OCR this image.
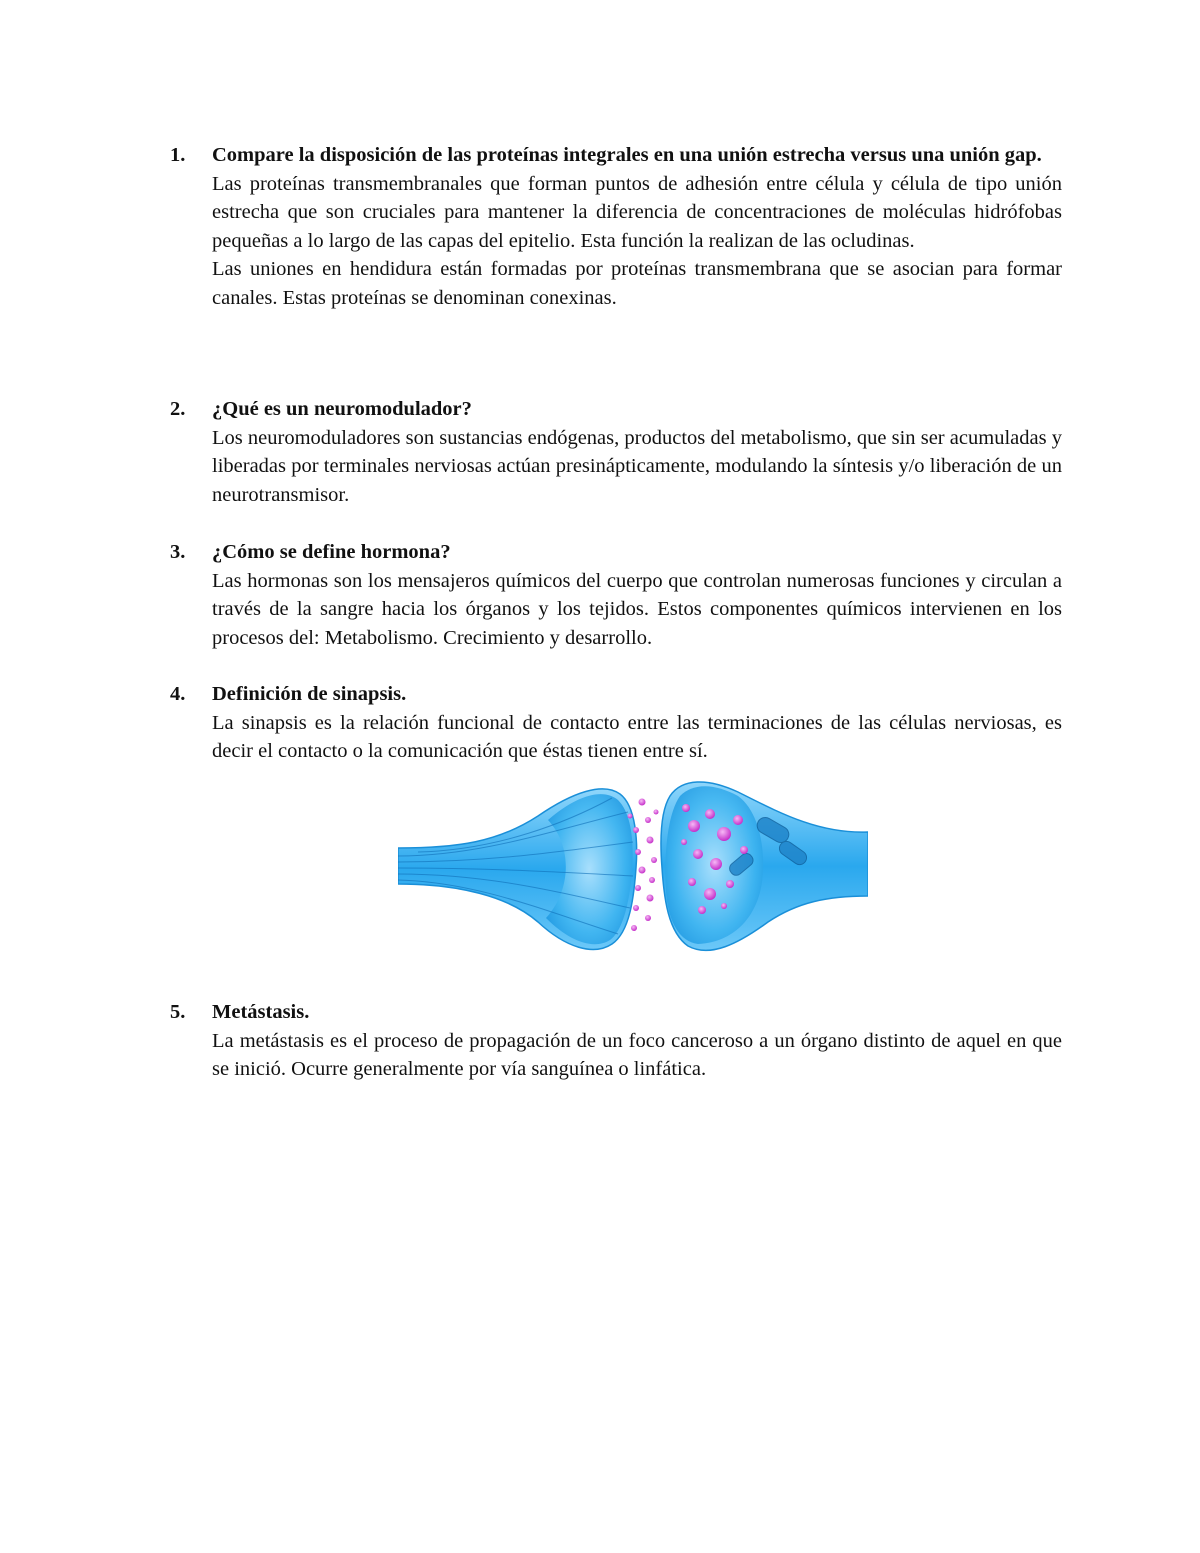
1.	Compare la disposición de las proteínas integrales en una unión estrecha versus una unión gap.

Las proteínas transmembranales que forman puntos de adhesión entre célula y célula de tipo unión estrecha que son cruciales para mantener la diferencia de concentraciones de moléculas hidrófobas pequeñas a lo largo de las capas del epitelio. Esta función la realizan de las ocludinas.

Las uniones en hendidura están formadas por proteínas transmembrana que se asocian para formar canales. Estas proteínas se denominan conexinas.

2.	¿Qué es un neuromodulador?

Los neuromoduladores son sustancias endógenas, productos del metabolismo, que sin ser acumuladas y liberadas por terminales nerviosas actúan presinápticamente, modulando la síntesis y/o liberación de un neurotransmisor.

3.	¿Cómo se define hormona?

Las hormonas son los mensajeros químicos del cuerpo que controlan numerosas funciones y circulan a través de la sangre hacia los órganos y los tejidos. Estos componentes químicos intervienen en los procesos del: Metabolismo. Crecimiento y desarrollo.

4.	Definición de sinapsis.

La sinapsis es la relación funcional de contacto entre las terminaciones de las células nerviosas, es decir el contacto o la comunicación que éstas tienen entre sí.

5.	Metástasis.

La metástasis es el proceso de propagación de un foco canceroso a un órgano distinto de aquel en que se inició. Ocurre generalmente por vía sanguínea o linfática.
